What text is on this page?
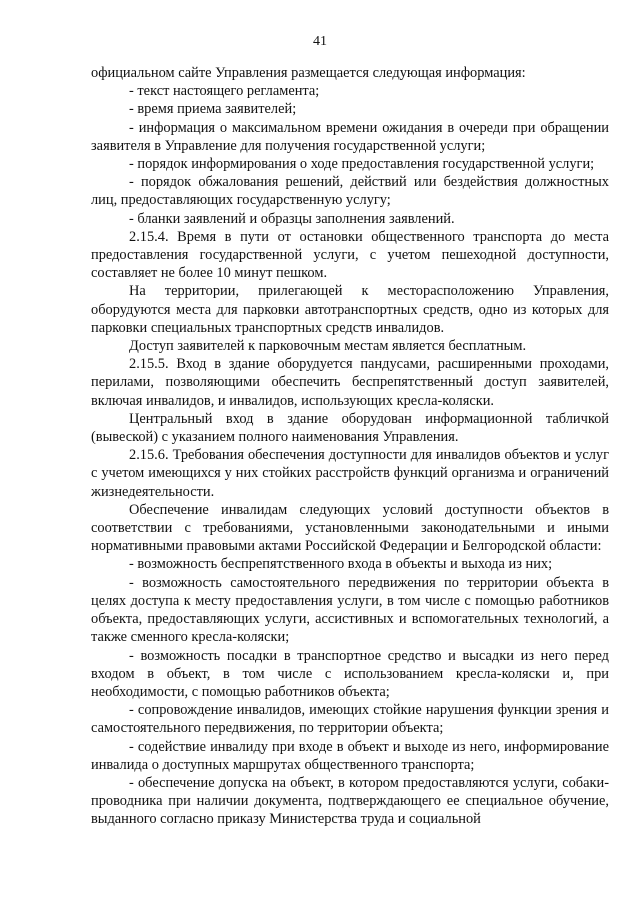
41

официальном сайте Управления размещается следующая информация:

- текст настоящего регламента;

- время приема заявителей;

- информация о максимальном времени ожидания в очереди при обращении заявителя в Управление для получения государственной услуги;

- порядок информирования о ходе предоставления государственной услуги;

- порядок обжалования решений, действий или бездействия должностных лиц, предоставляющих государственную услугу;

- бланки заявлений и образцы заполнения заявлений.

2.15.4. Время в пути от остановки общественного транспорта до места предоставления государственной услуги, с учетом пешеходной доступности, составляет не более 10 минут пешком.

На территории, прилегающей к месторасположению Управления, оборудуются места для парковки автотранспортных средств, одно из которых для парковки специальных транспортных средств инвалидов.

Доступ заявителей к парковочным местам является бесплатным.

2.15.5. Вход в здание оборудуется пандусами, расширенными проходами, перилами, позволяющими обеспечить беспрепятственный доступ заявителей, включая инвалидов, и инвалидов, использующих кресла-коляски.

Центральный вход в здание оборудован информационной табличкой (вывеской) с указанием полного наименования Управления.

2.15.6. Требования обеспечения доступности для инвалидов объектов и услуг с учетом имеющихся у них стойких расстройств функций организма и ограничений жизнедеятельности.

Обеспечение инвалидам следующих условий доступности объектов в соответствии с требованиями, установленными законодательными и иными нормативными правовыми актами Российской Федерации и Белгородской области:

- возможность беспрепятственного входа в объекты и выхода из них;

- возможность самостоятельного передвижения по территории объекта в целях доступа к месту предоставления услуги, в том числе с помощью работников объекта, предоставляющих услуги, ассистивных и вспомогательных технологий, а также сменного кресла-коляски;

- возможность посадки в транспортное средство и высадки из него перед входом в объект, в том числе с использованием кресла-коляски и, при необходимости, с помощью работников объекта;

- сопровождение инвалидов, имеющих стойкие нарушения функции зрения и самостоятельного передвижения, по территории объекта;

- содействие инвалиду при входе в объект и выходе из него, информирование инвалида о доступных маршрутах общественного транспорта;

- обеспечение допуска на объект, в котором предоставляются услуги, собаки-проводника при наличии документа, подтверждающего ее специальное обучение, выданного согласно приказу Министерства труда и социальной
